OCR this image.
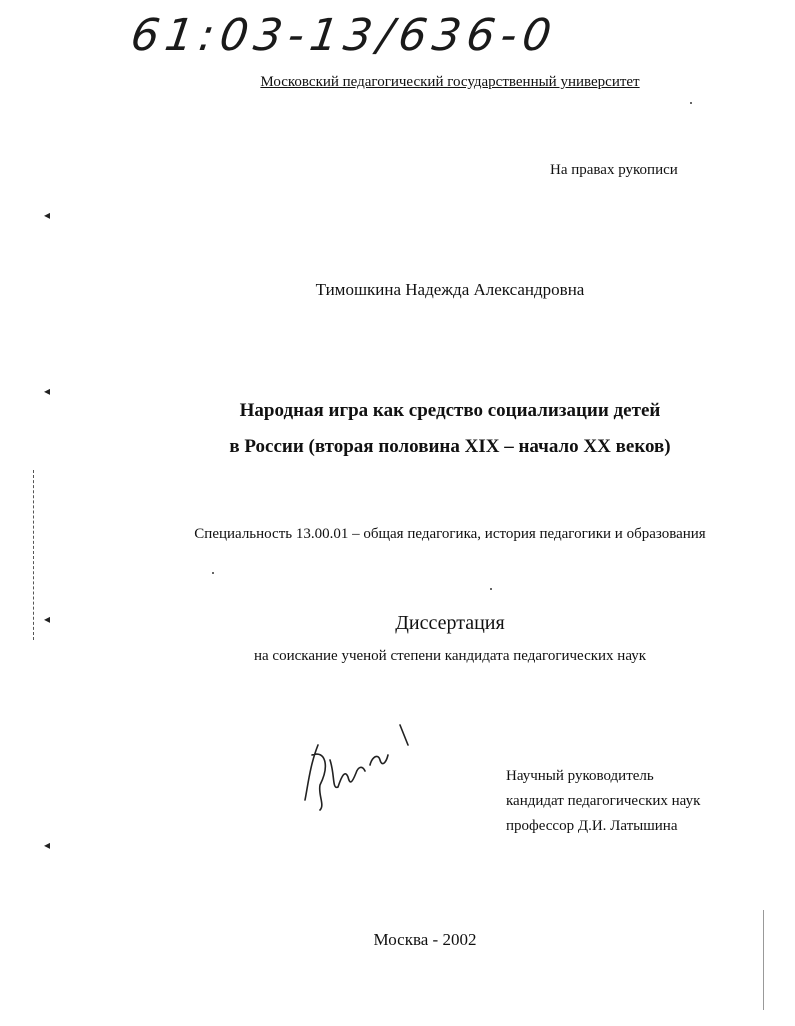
61:03-13/636-0
Московский педагогический государственный университет
На правах рукописи
Тимошкина Надежда Александровна
Народная игра как средство социализации детей
в России (вторая половина XIX – начало XX веков)
Специальность 13.00.01 – общая педагогика, история педагогики и образования
Диссертация
на соискание ученой степени кандидата педагогических наук
Научный руководитель
кандидат педагогических наук
профессор Д.И. Латышина
Москва - 2002
◂
◂
◂
◂
